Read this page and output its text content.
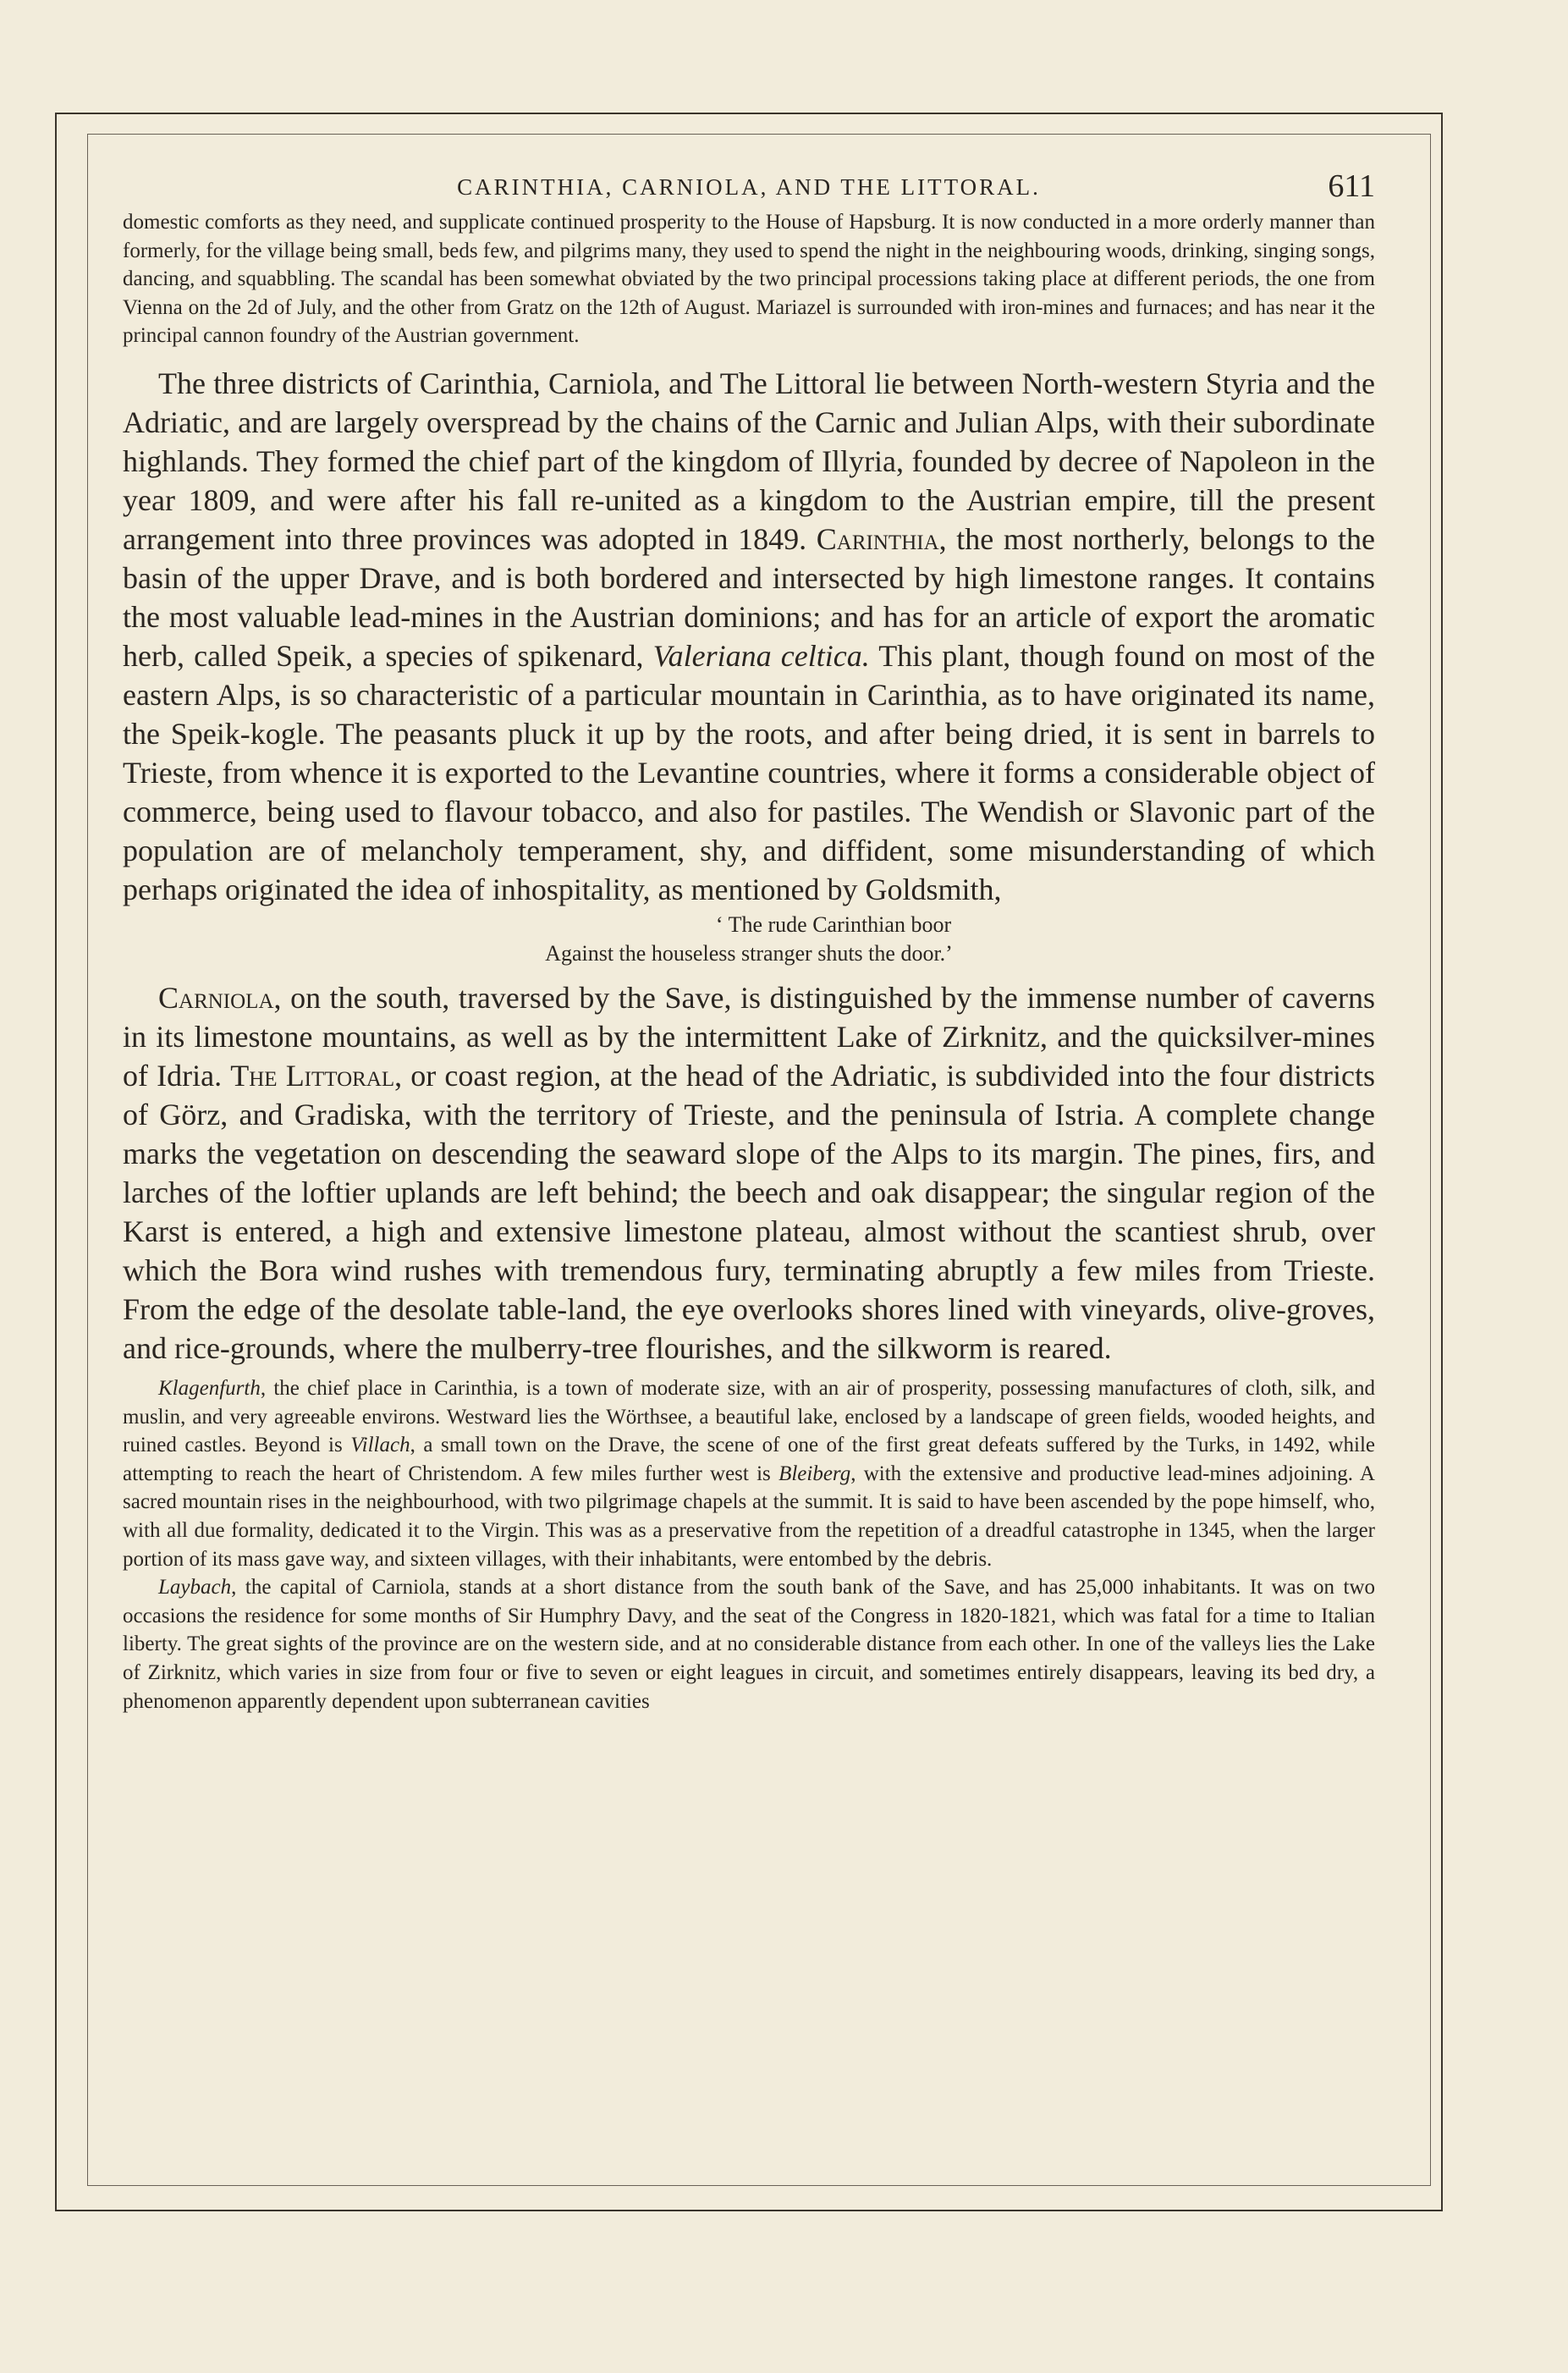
CARINTHIA, CARNIOLA, AND THE LITTORAL.	611

domestic comforts as they need, and supplicate continued prosperity to the House of Hapsburg. It is now conducted in a more orderly manner than formerly, for the village being small, beds few, and pilgrims many, they used to spend the night in the neighbouring woods, drinking, singing songs, dancing, and squabbling. The scandal has been somewhat obviated by the two principal processions taking place at different periods, the one from Vienna on the 2d of July, and the other from Gratz on the 12th of August. Mariazel is surrounded with iron-mines and furnaces; and has near it the principal cannon foundry of the Austrian government.

The three districts of Carinthia, Carniola, and The Littoral lie between North-western Styria and the Adriatic, and are largely overspread by the chains of the Carnic and Julian Alps, with their subordinate highlands. They formed the chief part of the kingdom of Illyria, founded by decree of Napoleon in the year 1809, and were after his fall re-united as a kingdom to the Austrian empire, till the present arrangement into three provinces was adopted in 1849. Carinthia, the most northerly, belongs to the basin of the upper Drave, and is both bordered and intersected by high limestone ranges. It contains the most valuable lead-mines in the Austrian dominions; and has for an article of export the aromatic herb, called Speik, a species of spikenard, Valeriana celtica. This plant, though found on most of the eastern Alps, is so characteristic of a particular mountain in Carinthia, as to have originated its name, the Speik-kogle. The peasants pluck it up by the roots, and after being dried, it is sent in barrels to Trieste, from whence it is exported to the Levantine countries, where it forms a considerable object of commerce, being used to flavour tobacco, and also for pastiles. The Wendish or Slavonic part of the population are of melancholy temperament, shy, and diffident, some misunderstanding of which perhaps originated the idea of inhospitality, as mentioned by Goldsmith,

‘ The rude Carinthian boor
Against the houseless stranger shuts the door.’

Carniola, on the south, traversed by the Save, is distinguished by the immense number of caverns in its limestone mountains, as well as by the intermittent Lake of Zirknitz, and the quicksilver-mines of Idria. The Littoral, or coast region, at the head of the Adriatic, is subdivided into the four districts of Görz, and Gradiska, with the territory of Trieste, and the peninsula of Istria. A complete change marks the vegetation on descending the seaward slope of the Alps to its margin. The pines, firs, and larches of the loftier uplands are left behind; the beech and oak disappear; the singular region of the Karst is entered, a high and extensive limestone plateau, almost without the scantiest shrub, over which the Bora wind rushes with tremendous fury, terminating abruptly a few miles from Trieste. From the edge of the desolate table-land, the eye overlooks shores lined with vineyards, olive-groves, and rice-grounds, where the mulberry-tree flourishes, and the silkworm is reared.

Klagenfurth, the chief place in Carinthia, is a town of moderate size, with an air of prosperity, possessing manufactures of cloth, silk, and muslin, and very agreeable environs. Westward lies the Wörthsee, a beautiful lake, enclosed by a landscape of green fields, wooded heights, and ruined castles. Beyond is Villach, a small town on the Drave, the scene of one of the first great defeats suffered by the Turks, in 1492, while attempting to reach the heart of Christendom. A few miles further west is Bleiberg, with the extensive and productive lead-mines adjoining. A sacred mountain rises in the neighbourhood, with two pilgrimage chapels at the summit. It is said to have been ascended by the pope himself, who, with all due formality, dedicated it to the Virgin. This was as a preservative from the repetition of a dreadful catastrophe in 1345, when the larger portion of its mass gave way, and sixteen villages, with their inhabitants, were entombed by the debris.

Laybach, the capital of Carniola, stands at a short distance from the south bank of the Save, and has 25,000 inhabitants. It was on two occasions the residence for some months of Sir Humphry Davy, and the seat of the Congress in 1820-1821, which was fatal for a time to Italian liberty. The great sights of the province are on the western side, and at no considerable distance from each other. In one of the valleys lies the Lake of Zirknitz, which varies in size from four or five to seven or eight leagues in circuit, and sometimes entirely disappears, leaving its bed dry, a phenomenon apparently dependent upon subterranean cavities
